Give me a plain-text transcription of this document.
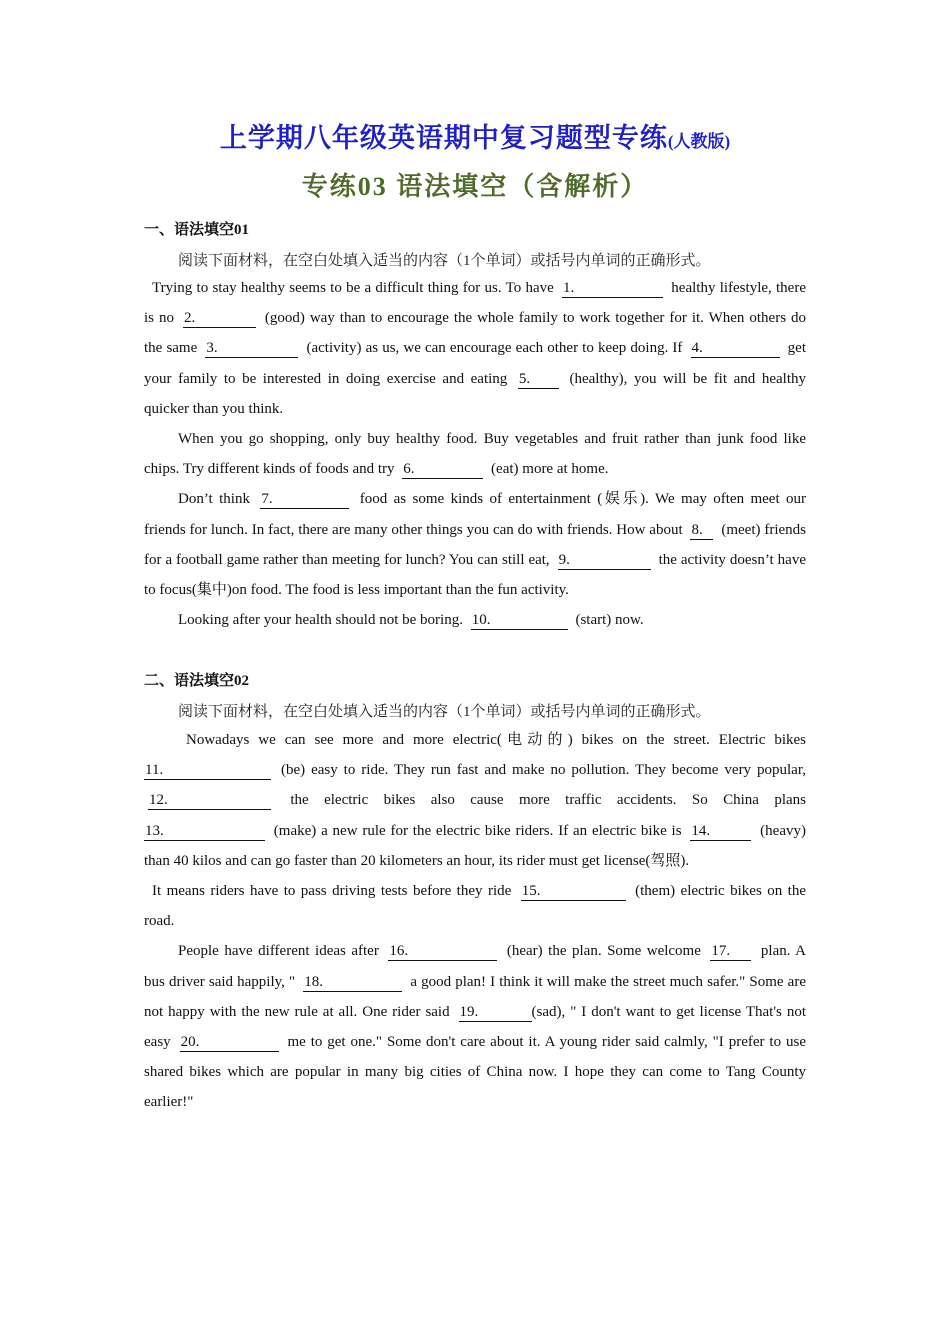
上学期八年级英语期中复习题型专练(人教版)
专练03 语法填空（含解析）
一、语法填空01
阅读下面材料，在空白处填入适当的内容（1个单词）或括号内单词的正确形式。

Trying to stay healthy seems to be a difficult thing for us. To have 1.	healthy lifestyle, there is no 2.	(good) way than to encourage the whole family to work together for it. When others do the same 3.	(activity) as us, we can encourage each other to keep doing. If 4.	get your family to be interested in doing exercise and eating 5. (healthy), you will be fit and healthy quicker than you think.

When you go shopping, only buy healthy food. Buy vegetables and fruit rather than junk food like chips. Try different kinds of foods and try 6.	(eat) more at home.

Don’t think 7.	food as some kinds of entertainment (娱乐). We may often meet our friends for lunch. In fact, there are many other things you can do with friends. How about 8. (meet) friends for a football game rather than meeting for lunch? You can still eat, 9.	the activity doesn’t have to focus(集中)on food. The food is less important than the fun activity.

Looking after your health should not be boring. 10.	(start) now.

二、语法填空02
阅读下面材料，在空白处填入适当的内容（1个单词）或括号内单词的正确形式。

Nowadays we can see more and more electric(电动的) bikes on the street. Electric bikes 11.	(be) easy to ride. They run fast and make no pollution. They become very popular, 12.	the electric bikes also cause more traffic accidents. So China plans 13.	(make) a new rule for the electric bike riders. If an electric bike is 14.	(heavy) than 40 kilos and can go faster than 20 kilometers an hour, its rider must get license(驾照).

It means riders have to pass driving tests before they ride 15.	(them) electric bikes on the road.

People have different ideas after 16.	(hear) the plan. Some welcome 17. plan. A bus driver said happily, " 18.	a good plan! I think it will make the street much safer." Some are not happy with the new rule at all. One rider said 19.	(sad), " I don't want to get license That's not easy 20.	me to get one." Some don't care about it. A young rider said calmly, "I prefer to use shared bikes which are popular in many big cities of China now. I hope they can come to Tang County earlier!"
